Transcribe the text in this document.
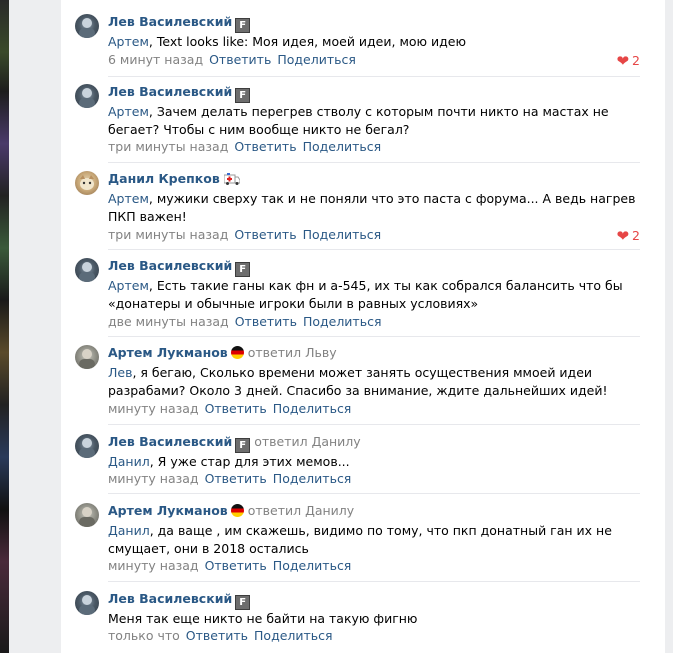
Лев Василевский F
Артем, Text looks like: Моя идея, моей идеи, мою идею
6 минут назад Ответить Поделиться	❤ 2
Лев Василевский F
Артем, Зачем делать перегрев стволу с которым почти никто на мастах не бегает? Чтобы с ним вообще никто не бегал?
три минуты назад Ответить Поделиться
Данил Крепков
Артем, мужики сверху так и не поняли что это паста с форума... А ведь нагрев ПКП важен!
три минуты назад Ответить Поделиться	❤ 2
Лев Василевский F
Артем, Есть такие ганы как фн и а-545, их ты как собрался балансить что бы «донатеры и обычные игроки были в равных условиях»
две минуты назад Ответить Поделиться
Артем Лукманов ответил Льву
Лев, я бегаю, Сколько времени может занять осуществения ммоей идеи разрабами? Около 3 дней. Спасибо за внимание, ждите дальнейших идей!
минуту назад Ответить Поделиться
Лев Василевский F ответил Данилу
Данил, Я уже стар для этих мемов...
минуту назад Ответить Поделиться
Артем Лукманов ответил Данилу
Данил, да ваще , им скажешь, видимо по тому, что пкп донатный ган их не смущает, они в 2018 остались
минуту назад Ответить Поделиться
Лев Василевский F
Меня так еще никто не байти на такую фигню
только что Ответить Поделиться
